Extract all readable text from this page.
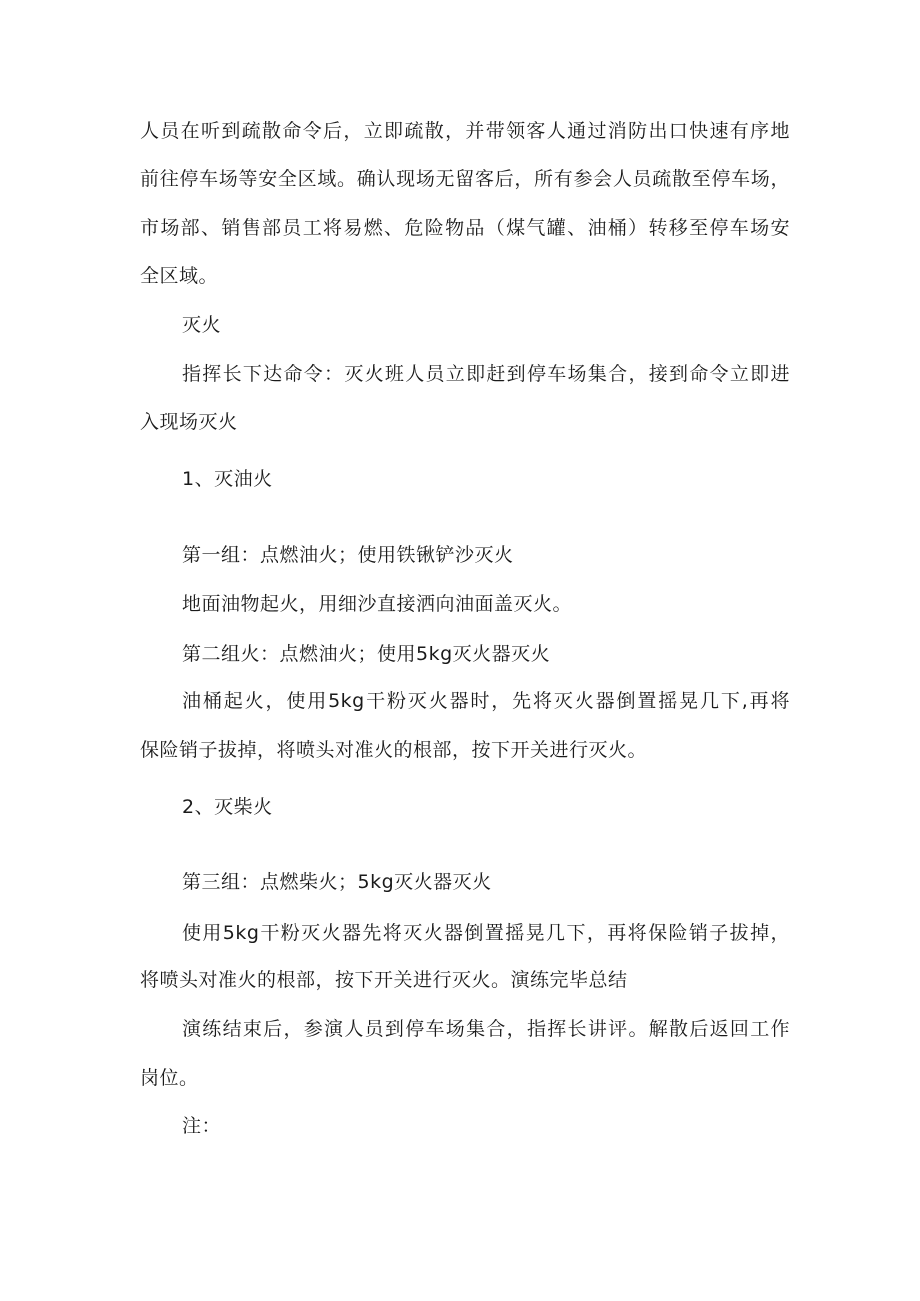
人员在听到疏散命令后，立即疏散，并带领客人通过消防出口快速有序地
前往停车场等安全区域。确认现场无留客后，所有参会人员疏散至停车场，
市场部、销售部员工将易燃、危险物品（煤气罐、油桶）转移至停车场安
全区域。
灭火
指挥长下达命令：灭火班人员立即赶到停车场集合，接到命令立即进
入现场灭火
1、灭油火
第一组：点燃油火；使用铁锹铲沙灭火
地面油物起火，用细沙直接洒向油面盖灭火。
第二组火：点燃油火；使用5kg灭火器灭火
油桶起火，使用5kg干粉灭火器时，先将灭火器倒置摇晃几下,再将
保险销子拔掉，将喷头对准火的根部，按下开关进行灭火。
2、灭柴火
第三组：点燃柴火；5kg灭火器灭火
使用5kg干粉灭火器先将灭火器倒置摇晃几下，再将保险销子拔掉，
将喷头对准火的根部，按下开关进行灭火。演练完毕总结
演练结束后，参演人员到停车场集合，指挥长讲评。解散后返回工作
岗位。
注：
